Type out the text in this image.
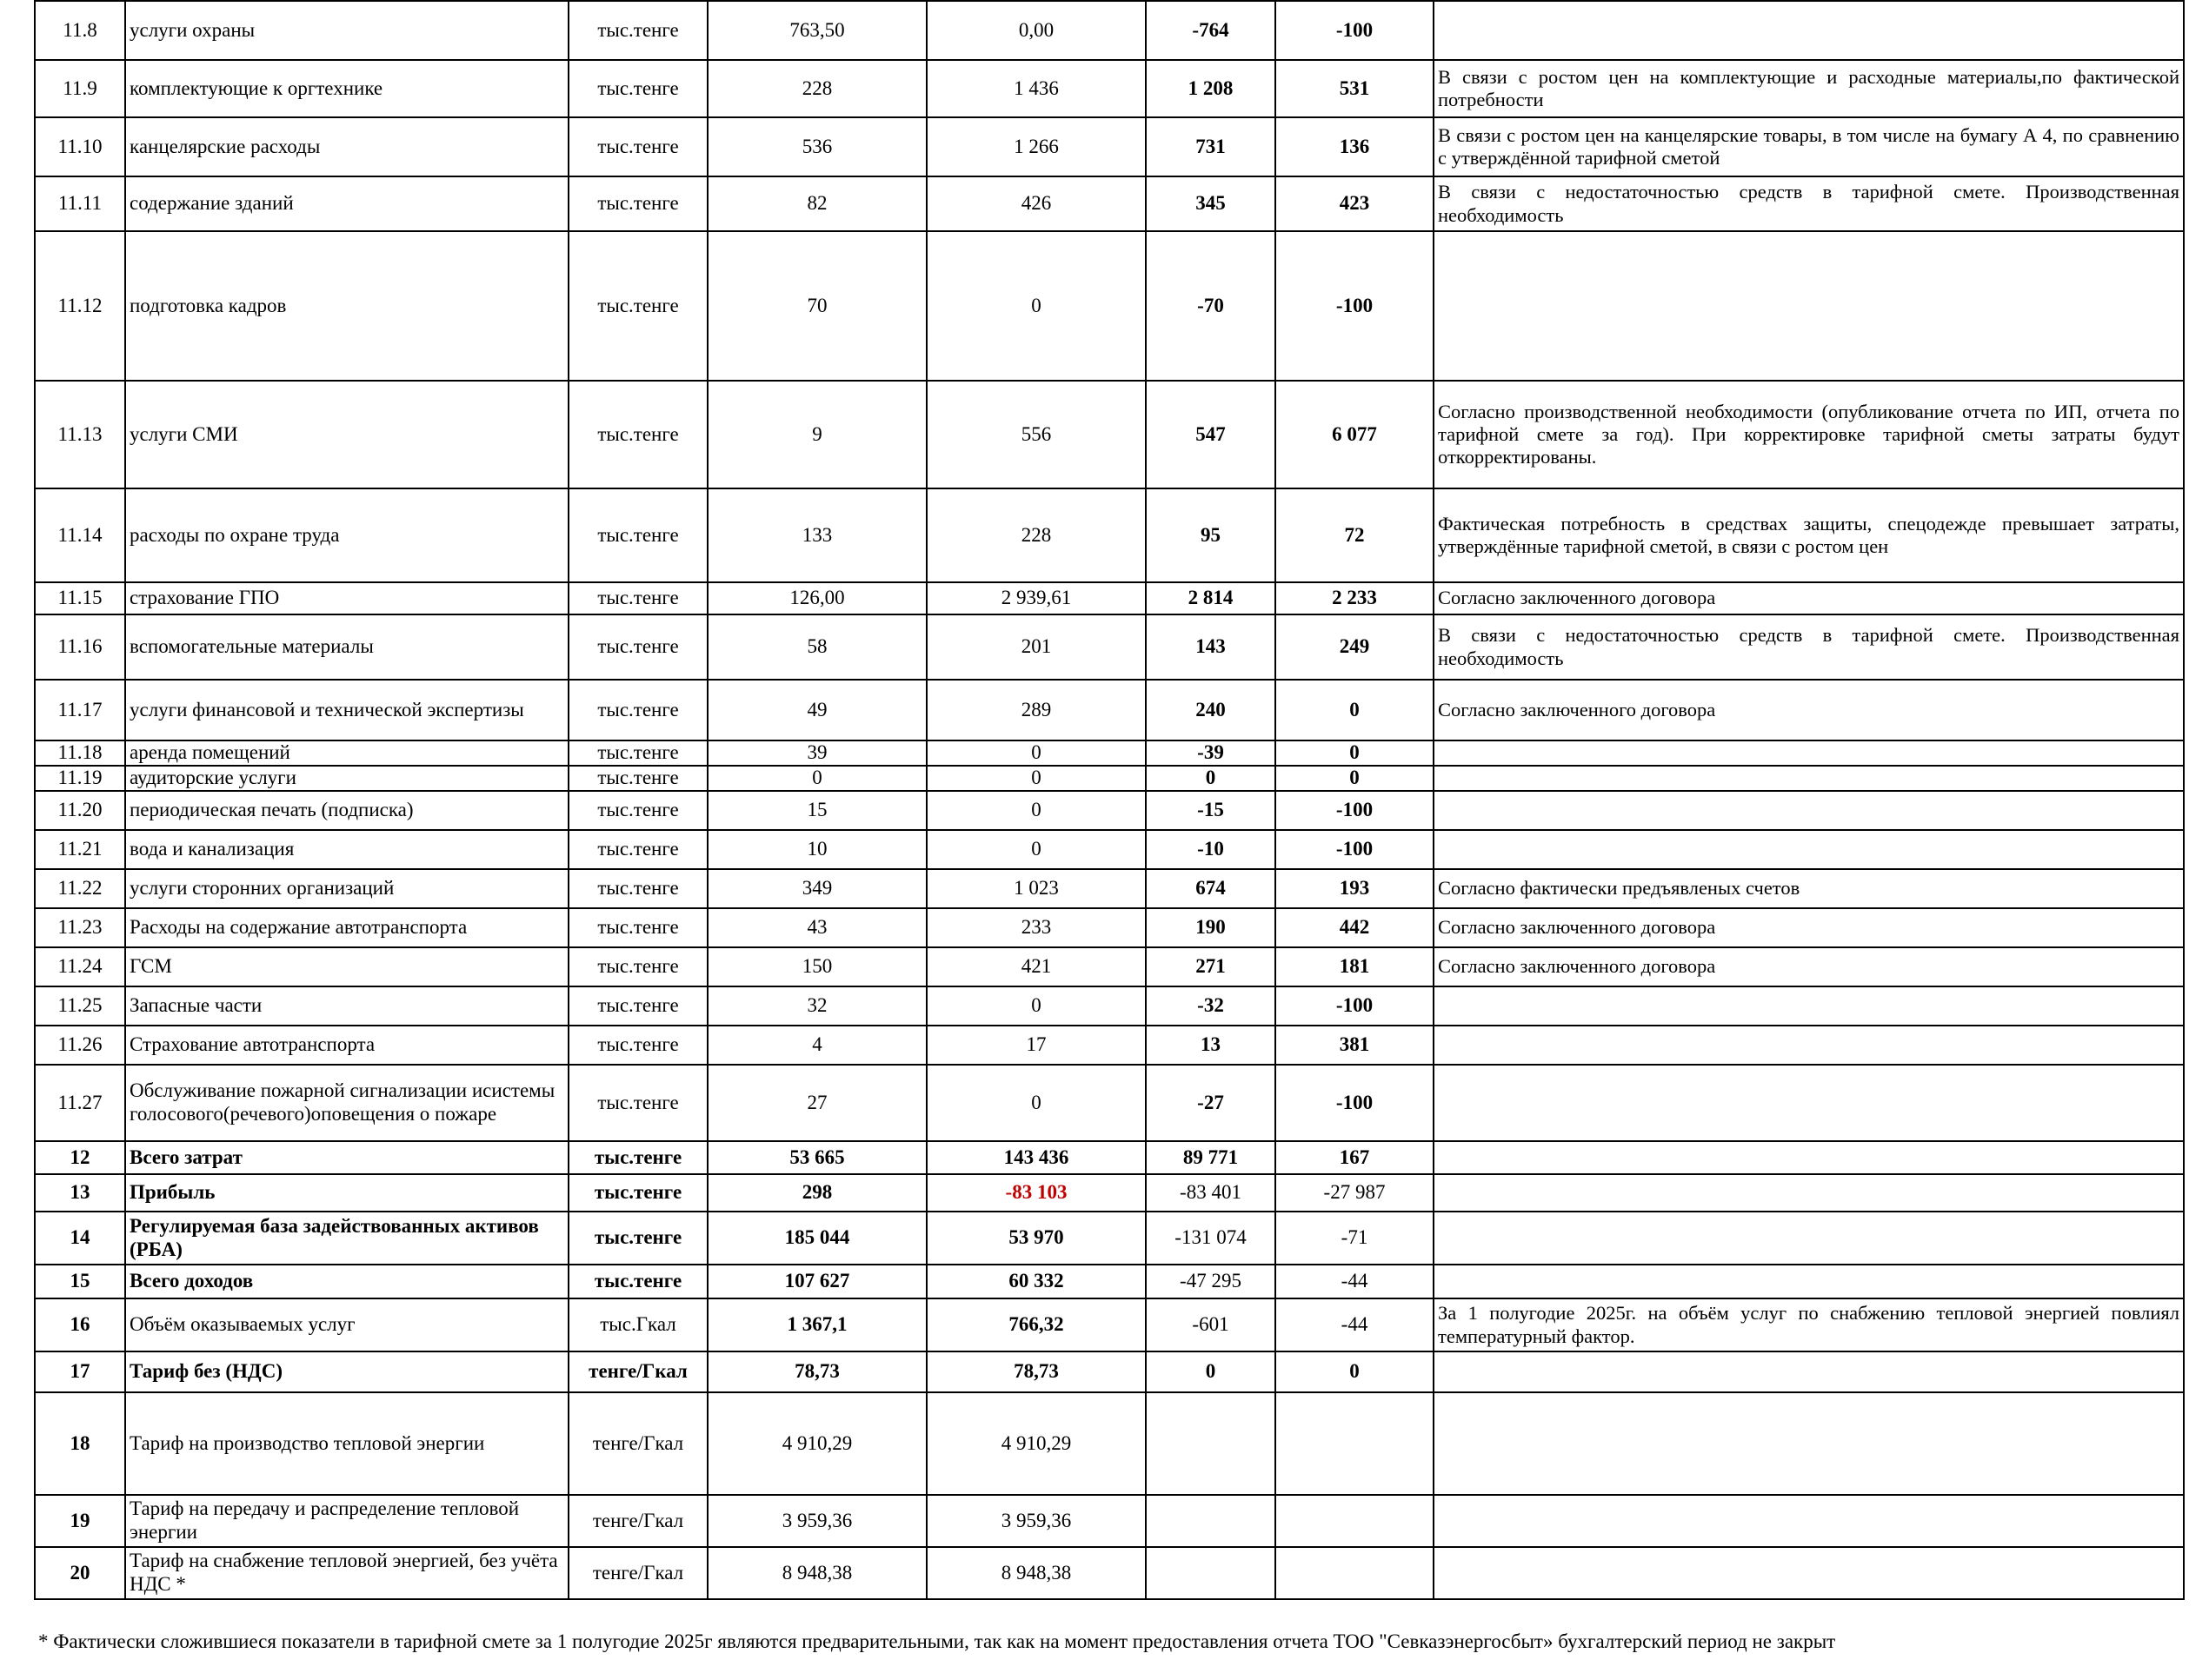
11.8	услуги охраны	тыс.тенге	763,50	0,00	-764	-100	
11.9	комплектующие к оргтехнике	тыс.тенге	228	1 436	1 208	531	В связи с ростом цен на комплектующие и расходные материалы,по фактической потребности
11.10	канцелярские расходы	тыс.тенге	536	1 266	731	136	В связи с ростом цен на канцелярские товары, в том числе на бумагу А 4, по сравнению с утверждённой тарифной сметой
11.11	содержание зданий	тыс.тенге	82	426	345	423	В связи с недостаточностью средств в тарифной смете. Производственная необходимость
11.12	подготовка кадров	тыс.тенге	70	0	-70	-100	
11.13	услуги СМИ	тыс.тенге	9	556	547	6 077	Согласно производственной необходимости (опубликование отчета по ИП, отчета по тарифной смете за год). При корректировке тарифной сметы затраты будут откорректированы.
11.14	расходы по охране труда	тыс.тенге	133	228	95	72	Фактическая потребность в средствах защиты, спецодежде превышает затраты, утверждённые тарифной сметой, в связи с ростом цен
11.15	страхование ГПО	тыс.тенге	126,00	2 939,61	2 814	2 233	Согласно заключенного договора
11.16	вспомогательные материалы	тыс.тенге	58	201	143	249	В связи с недостаточностью средств в тарифной смете. Производственная необходимость
11.17	услуги финансовой и технической экспертизы	тыс.тенге	49	289	240	0	Согласно заключенного договора
11.18	аренда помещений	тыс.тенге	39	0	-39	0	
11.19	аудиторские услуги	тыс.тенге	0	0	0	0	
11.20	периодическая печать (подписка)	тыс.тенге	15	0	-15	-100	
11.21	вода и канализация	тыс.тенге	10	0	-10	-100	
11.22	услуги сторонних организаций	тыс.тенге	349	1 023	674	193	Согласно фактически предъявленых счетов
11.23	Расходы на содержание автотранспорта	тыс.тенге	43	233	190	442	Согласно заключенного договора
11.24	ГСМ	тыс.тенге	150	421	271	181	Согласно заключенного договора
11.25	Запасные части	тыс.тенге	32	0	-32	-100	
11.26	Страхование автотранспорта	тыс.тенге	4	17	13	381	
11.27	Обслуживание пожарной сигнализации исистемы голосового(речевого)оповещения о пожаре	тыс.тенге	27	0	-27	-100	
12	Всего затрат	тыс.тенге	53 665	143 436	89 771	167	
13	Прибыль	тыс.тенге	298	-83 103	-83 401	-27 987	
14	Регулируемая база задействованных активов (РБА)	тыс.тенге	185 044	53 970	-131 074	-71	
15	Всего доходов	тыс.тенге	107 627	60 332	-47 295	-44	
16	Объём оказываемых услуг	тыс.Гкал	1 367,1	766,32	-601	-44	За 1 полугодие 2025г. на объём услуг по снабжению тепловой энергией повлиял температурный фактор.
17	Тариф без (НДС)	тенге/Гкал	78,73	78,73	0	0	
18	Тариф на производство тепловой энергии	тенге/Гкал	4 910,29	4 910,29			
19	Тариф на передачу и распределение тепловой энергии	тенге/Гкал	3 959,36	3 959,36			
20	Тариф на снабжение тепловой энергией, без учёта НДС *	тенге/Гкал	8 948,38	8 948,38			
* Фактически сложившиеся показатели в тарифной смете за 1 полугодие 2025г являются предварительными, так как на момент предоставления отчета ТОО "Севказэнергосбыт» бухгалтерский период не закрыт
